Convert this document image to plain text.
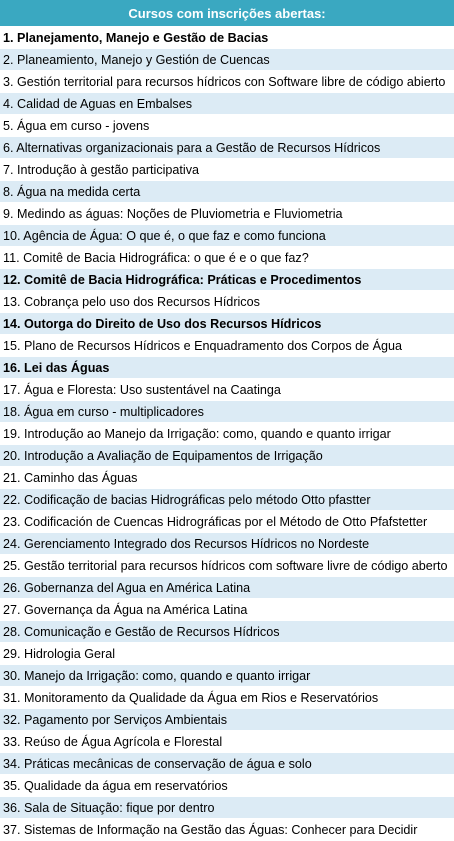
Cursos com inscrições abertas:
1. Planejamento, Manejo e Gestão de Bacias
2. Planeamiento, Manejo y Gestión de Cuencas
3. Gestión territorial para recursos hídricos con Software libre de código abierto
4. Calidad de Aguas en Embalses
5. Água em curso - jovens
6. Alternativas organizacionais para a Gestão de Recursos Hídricos
7. Introdução à gestão participativa
8. Água na medida certa
9. Medindo as águas: Noções de Pluviometria e Fluviometria
10. Agência de Água: O que é, o que faz e como funciona
11. Comitê de Bacia Hidrográfica: o que é e o que faz?
12. Comitê de Bacia Hidrográfica: Práticas e Procedimentos
13. Cobrança pelo uso dos Recursos Hídricos
14. Outorga do Direito de Uso dos Recursos Hídricos
15. Plano de Recursos Hídricos e Enquadramento dos Corpos de Água
16. Lei das Águas
17. Água e Floresta: Uso sustentável na Caatinga
18. Água em curso - multiplicadores
19. Introdução ao Manejo da Irrigação: como, quando e quanto irrigar
20. Introdução a Avaliação de Equipamentos de Irrigação
21. Caminho das Águas
22. Codificação de bacias Hidrográficas pelo método Otto pfastter
23. Codificación de Cuencas Hidrográficas por el Método de Otto Pfafstetter
24. Gerenciamento Integrado dos Recursos Hídricos no Nordeste
25. Gestão territorial para recursos hídricos com software livre de código aberto
26. Gobernanza del Agua en América Latina
27. Governança da Água na América Latina
28. Comunicação e Gestão de Recursos Hídricos
29. Hidrologia Geral
30. Manejo da Irrigação: como, quando e quanto irrigar
31. Monitoramento da Qualidade da Água em Rios e Reservatórios
32. Pagamento por Serviços Ambientais
33. Reúso de Água Agrícola e Florestal
34. Práticas mecânicas de conservação de água e solo
35. Qualidade da água em reservatórios
36. Sala de Situação: fique por dentro
37. Sistemas de Informação na Gestão das Águas: Conhecer para Decidir
